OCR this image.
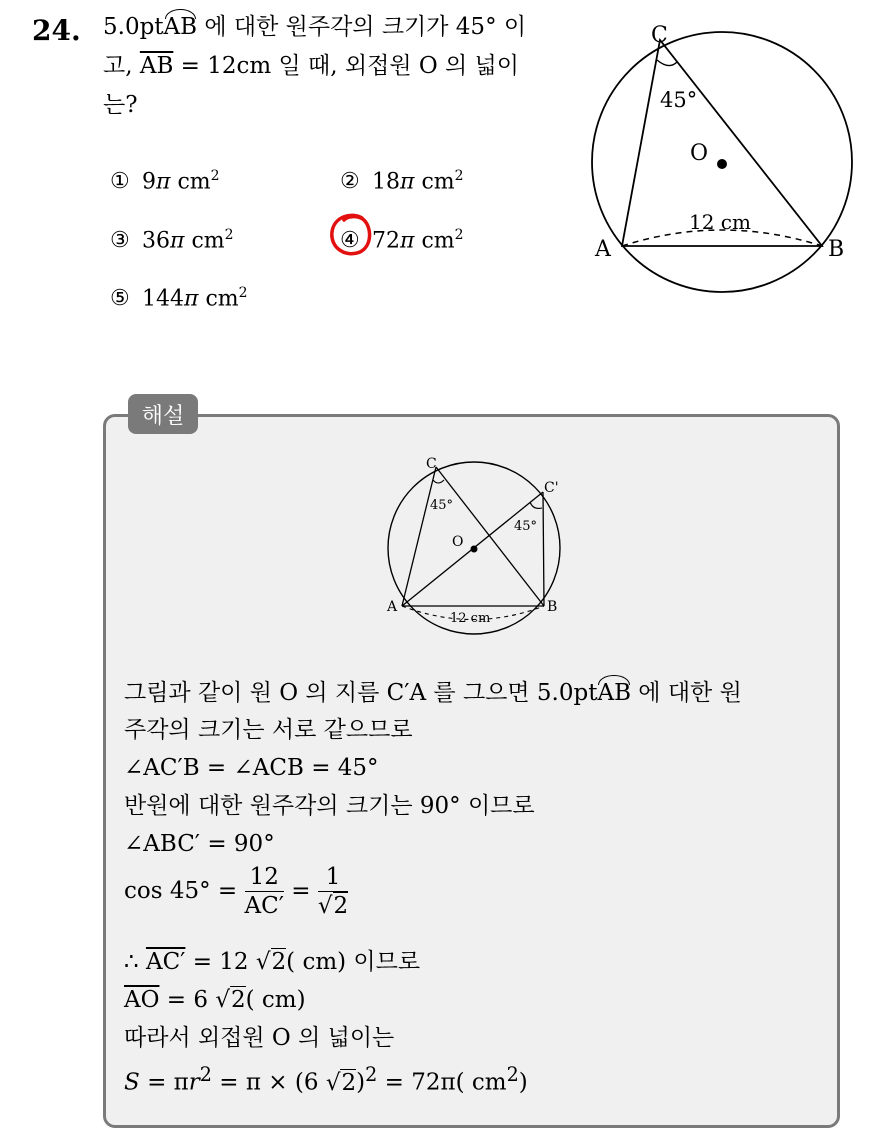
24. 5.0ptAB 에 대한 원주각의 크기가 45° 이
고, $\overline{AB} = 12cm$ 일 때, 외접원 O 의 넓이
는?
① 9π $cm^2$	② 18π $cm^2$
③ 36π $cm^2$	④ 72π $cm^2$
⑤ 144π $cm^2$
C
A	B
O
45°
12 cm
해설
C
C'
A	B
O
45°
45°
12 cm
그림과 같이 원 O 의 지름 C′A 를 그으면 5.0ptAB 에 대한 원
주각의 크기는 서로 같으므로
∠AC′B = ∠ACB = 45°
반원에 대한 원주각의 크기는 90° 이므로
∠ABC′ = 90°
$\cos 45^\circ = \frac{12}{AC'} = \frac{1}{√2}$
∴ AC′ = 12 √2( cm) 이므로
$\overline{AO} = 6$ √2( cm)
따라서 외접원 O 의 넓이는
$S = \pi r^2 = \pi \times (6$ √2)$^2$ = 72π( $cm^2$)
